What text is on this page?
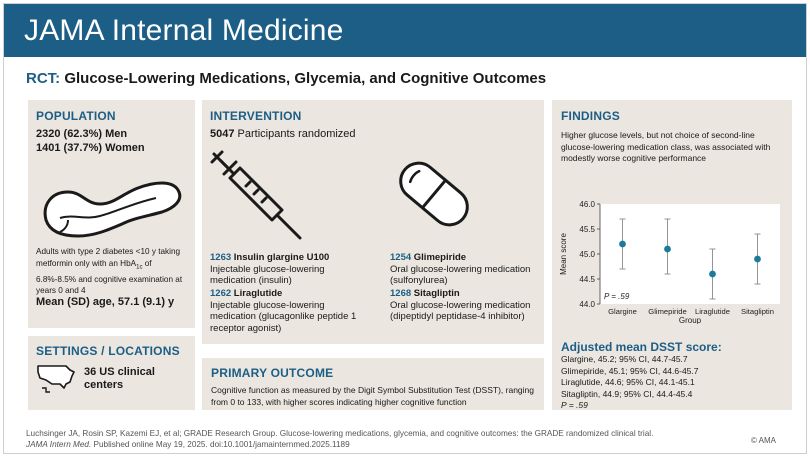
JAMA Internal Medicine
RCT: Glucose-Lowering Medications, Glycemia, and Cognitive Outcomes
POPULATION
2320 (62.3%) Men
1401 (37.7%) Women
Adults with type 2 diabetes <10 y taking metformin only with an HbA$_{1c}$ of 6.8%-8.5% and cognitive examination at years 0 and 4
Mean (SD) age, 57.1 (9.1) y
SETTINGS / LOCATIONS
36 US clinical centers
INTERVENTION
5047 Participants randomized
1263 Insulin glargine U100
Injectable glucose-lowering medication (insulin)
1262 Liraglutide
Injectable glucose-lowering medication (glucagonlike peptide 1 receptor agonist)
1254 Glimepiride
Oral glucose-lowering medication (sulfonylurea)
1268 Sitagliptin
Oral glucose-lowering medication (dipeptidyl peptidase-4 inhibitor)
PRIMARY OUTCOME
Cognitive function as measured by the Digit Symbol Substitution Test (DSST), ranging from 0 to 133, with higher scores indicating higher cognitive function
FINDINGS
Higher glucose levels, but not choice of second-line glucose-lowering medication class, was associated with modestly worse cognitive performance
44.0
44.5
45.0
45.5
46.0
Mean score
Glargine Glimepiride Liraglutide Sitagliptin
Group
P = .59
Adjusted mean DSST score:
Glargine, 45.2; 95% CI, 44.7-45.7
Glimepiride, 45.1; 95% CI, 44.6-45.7
Liraglutide, 44.6; 95% CI, 44.1-45.1
Sitagliptin, 44.9; 95% CI, 44.4-45.4
P = .59
Luchsinger JA, Rosin SP, Kazemi EJ, et al; GRADE Research Group. Glucose-lowering medications, glycemia, and cognitive outcomes: the GRADE randomized clinical trial.
JAMA Intern Med. Published online May 19, 2025. doi:10.1001/jamainternmed.2025.1189	© AMA
